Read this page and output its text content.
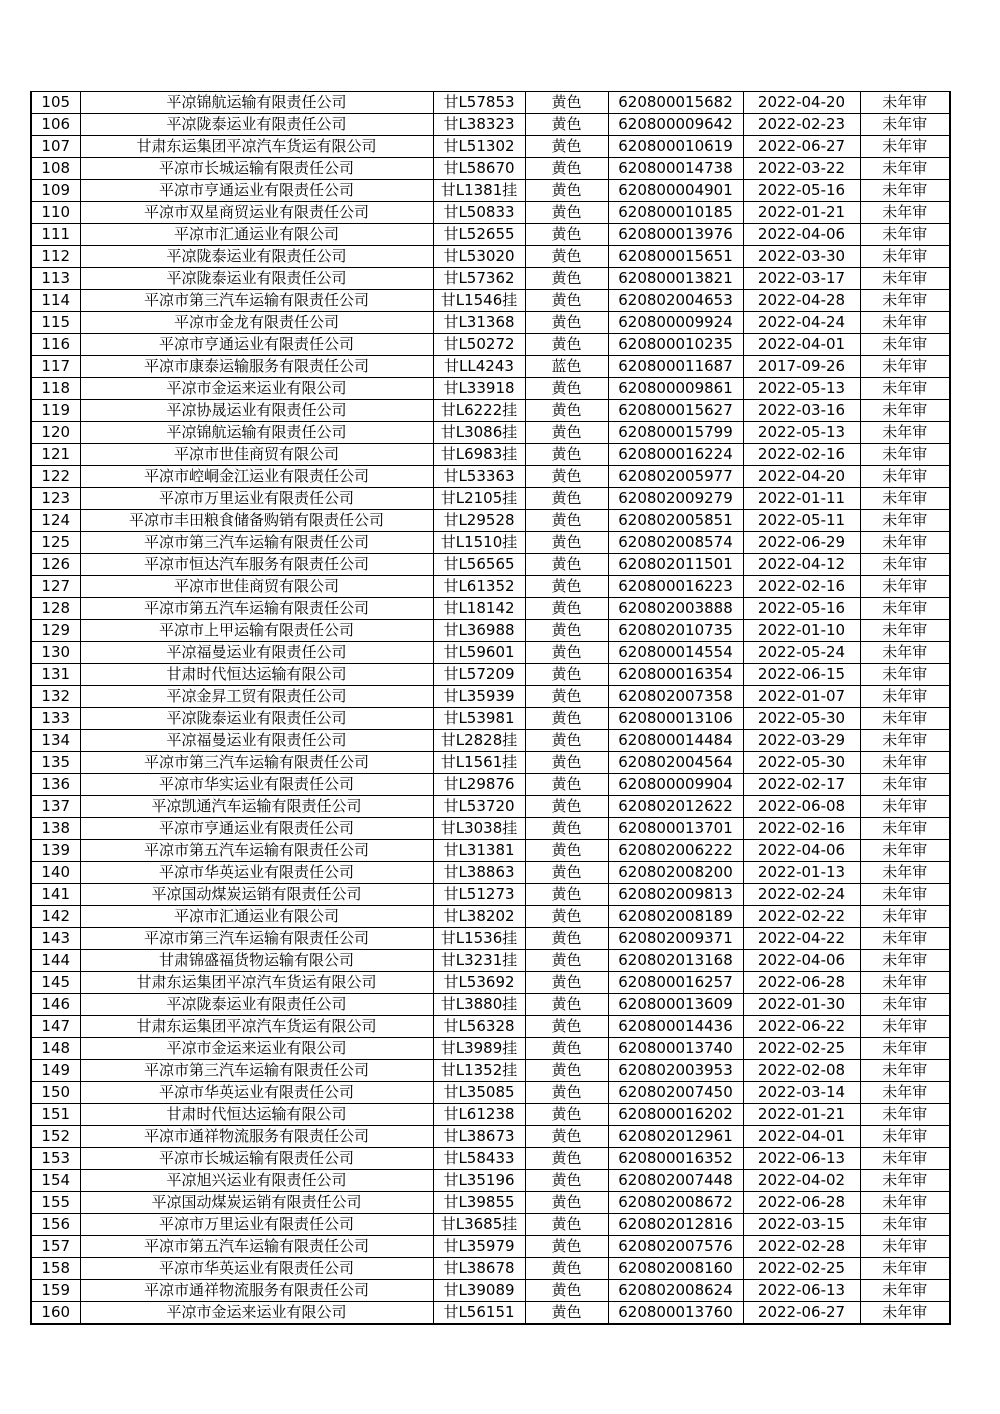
105	平凉锦航运输有限责任公司	甘L57853	黄色	620800015682	2022-04-20	未年审
106	平凉陇泰运业有限责任公司	甘L38323	黄色	620800009642	2022-02-23	未年审
107	甘肃东运集团平凉汽车货运有限公司	甘L51302	黄色	620800010619	2022-06-27	未年审
108	平凉市长城运输有限责任公司	甘L58670	黄色	620800014738	2022-03-22	未年审
109	平凉市亨通运业有限责任公司	甘L1381挂	黄色	620800004901	2022-05-16	未年审
110	平凉市双星商贸运业有限责任公司	甘L50833	黄色	620800010185	2022-01-21	未年审
111	平凉市汇通运业有限公司	甘L52655	黄色	620800013976	2022-04-06	未年审
112	平凉陇泰运业有限责任公司	甘L53020	黄色	620800015651	2022-03-30	未年审
113	平凉陇泰运业有限责任公司	甘L57362	黄色	620800013821	2022-03-17	未年审
114	平凉市第三汽车运输有限责任公司	甘L1546挂	黄色	620802004653	2022-04-28	未年审
115	平凉市金龙有限责任公司	甘L31368	黄色	620800009924	2022-04-24	未年审
116	平凉市亨通运业有限责任公司	甘L50272	黄色	620800010235	2022-04-01	未年审
117	平凉市康泰运输服务有限责任公司	甘LL4243	蓝色	620800011687	2017-09-26	未年审
118	平凉市金运来运业有限公司	甘L33918	黄色	620800009861	2022-05-13	未年审
119	平凉协晟运业有限责任公司	甘L6222挂	黄色	620800015627	2022-03-16	未年审
120	平凉锦航运输有限责任公司	甘L3086挂	黄色	620800015799	2022-05-13	未年审
121	平凉市世佳商贸有限公司	甘L6983挂	黄色	620800016224	2022-02-16	未年审
122	平凉市崆峒金江运业有限责任公司	甘L53363	黄色	620802005977	2022-04-20	未年审
123	平凉市万里运业有限责任公司	甘L2105挂	黄色	620802009279	2022-01-11	未年审
124	平凉市丰田粮食储备购销有限责任公司	甘L29528	黄色	620802005851	2022-05-11	未年审
125	平凉市第三汽车运输有限责任公司	甘L1510挂	黄色	620802008574	2022-06-29	未年审
126	平凉市恒达汽车服务有限责任公司	甘L56565	黄色	620802011501	2022-04-12	未年审
127	平凉市世佳商贸有限公司	甘L61352	黄色	620800016223	2022-02-16	未年审
128	平凉市第五汽车运输有限责任公司	甘L18142	黄色	620802003888	2022-05-16	未年审
129	平凉市上甲运输有限责任公司	甘L36988	黄色	620802010735	2022-01-10	未年审
130	平凉福曼运业有限责任公司	甘L59601	黄色	620800014554	2022-05-24	未年审
131	甘肃时代恒达运输有限公司	甘L57209	黄色	620800016354	2022-06-15	未年审
132	平凉金昇工贸有限责任公司	甘L35939	黄色	620802007358	2022-01-07	未年审
133	平凉陇泰运业有限责任公司	甘L53981	黄色	620800013106	2022-05-30	未年审
134	平凉福曼运业有限责任公司	甘L2828挂	黄色	620800014484	2022-03-29	未年审
135	平凉市第三汽车运输有限责任公司	甘L1561挂	黄色	620802004564	2022-05-30	未年审
136	平凉市华实运业有限责任公司	甘L29876	黄色	620800009904	2022-02-17	未年审
137	平凉凯通汽车运输有限责任公司	甘L53720	黄色	620802012622	2022-06-08	未年审
138	平凉市亨通运业有限责任公司	甘L3038挂	黄色	620800013701	2022-02-16	未年审
139	平凉市第五汽车运输有限责任公司	甘L31381	黄色	620802006222	2022-04-06	未年审
140	平凉市华英运业有限责任公司	甘L38863	黄色	620802008200	2022-01-13	未年审
141	平凉国动煤炭运销有限责任公司	甘L51273	黄色	620802009813	2022-02-24	未年审
142	平凉市汇通运业有限公司	甘L38202	黄色	620802008189	2022-02-22	未年审
143	平凉市第三汽车运输有限责任公司	甘L1536挂	黄色	620802009371	2022-04-22	未年审
144	甘肃锦盛福货物运输有限公司	甘L3231挂	黄色	620802013168	2022-04-06	未年审
145	甘肃东运集团平凉汽车货运有限公司	甘L53692	黄色	620800016257	2022-06-28	未年审
146	平凉陇泰运业有限责任公司	甘L3880挂	黄色	620800013609	2022-01-30	未年审
147	甘肃东运集团平凉汽车货运有限公司	甘L56328	黄色	620800014436	2022-06-22	未年审
148	平凉市金运来运业有限公司	甘L3989挂	黄色	620800013740	2022-02-25	未年审
149	平凉市第三汽车运输有限责任公司	甘L1352挂	黄色	620802003953	2022-02-08	未年审
150	平凉市华英运业有限责任公司	甘L35085	黄色	620802007450	2022-03-14	未年审
151	甘肃时代恒达运输有限公司	甘L61238	黄色	620800016202	2022-01-21	未年审
152	平凉市通祥物流服务有限责任公司	甘L38673	黄色	620802012961	2022-04-01	未年审
153	平凉市长城运输有限责任公司	甘L58433	黄色	620800016352	2022-06-13	未年审
154	平凉旭兴运业有限责任公司	甘L35196	黄色	620802007448	2022-04-02	未年审
155	平凉国动煤炭运销有限责任公司	甘L39855	黄色	620802008672	2022-06-28	未年审
156	平凉市万里运业有限责任公司	甘L3685挂	黄色	620802012816	2022-03-15	未年审
157	平凉市第五汽车运输有限责任公司	甘L35979	黄色	620802007576	2022-02-28	未年审
158	平凉市华英运业有限责任公司	甘L38678	黄色	620802008160	2022-02-25	未年审
159	平凉市通祥物流服务有限责任公司	甘L39089	黄色	620802008624	2022-06-13	未年审
160	平凉市金运来运业有限公司	甘L56151	黄色	620800013760	2022-06-27	未年审
